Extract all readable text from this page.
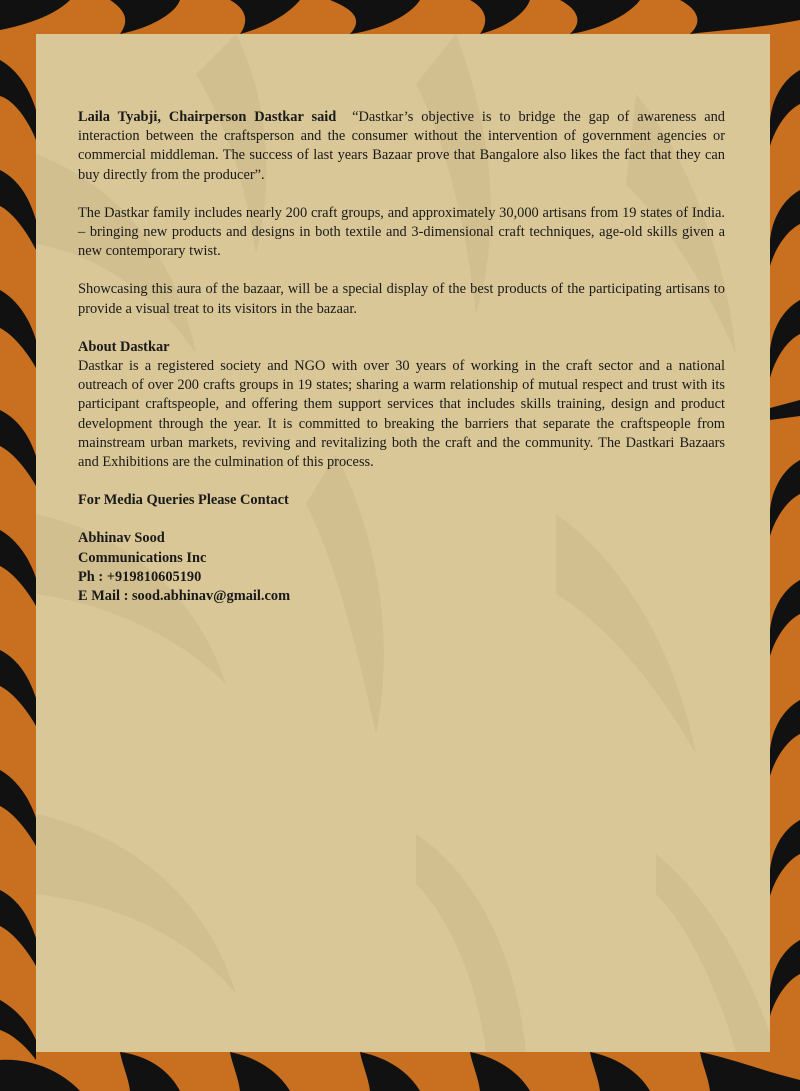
Laila Tyabji, Chairperson Dastkar said “Dastkar’s objective is to bridge the gap of awareness and interaction between the craftsperson and the consumer without the intervention of government agencies or commercial middleman. The success of last years Bazaar prove that Bangalore also likes the fact that they can buy directly from the producer”.

The Dastkar family includes nearly 200 craft groups, and approximately 30,000 artisans from 19 states of India. – bringing new products and designs in both textile and 3-dimensional craft techniques, age-old skills given a new contemporary twist.

Showcasing this aura of the bazaar, will be a special display of the best products of the participating artisans to provide a visual treat to its visitors in the bazaar.

About Dastkar
Dastkar is a registered society and NGO with over 30 years of working in the craft sector and a national outreach of over 200 crafts groups in 19 states; sharing a warm relationship of mutual respect and trust with its participant craftspeople, and offering them support services that includes skills training, design and product development through the year. It is committed to breaking the barriers that separate the craftspeople from mainstream urban markets, reviving and revitalizing both the craft and the community. The Dastkari Bazaars and Exhibitions are the culmination of this process.

For Media Queries Please Contact

Abhinav Sood
Communications Inc
Ph : +919810605190
E Mail : sood.abhinav@gmail.com
